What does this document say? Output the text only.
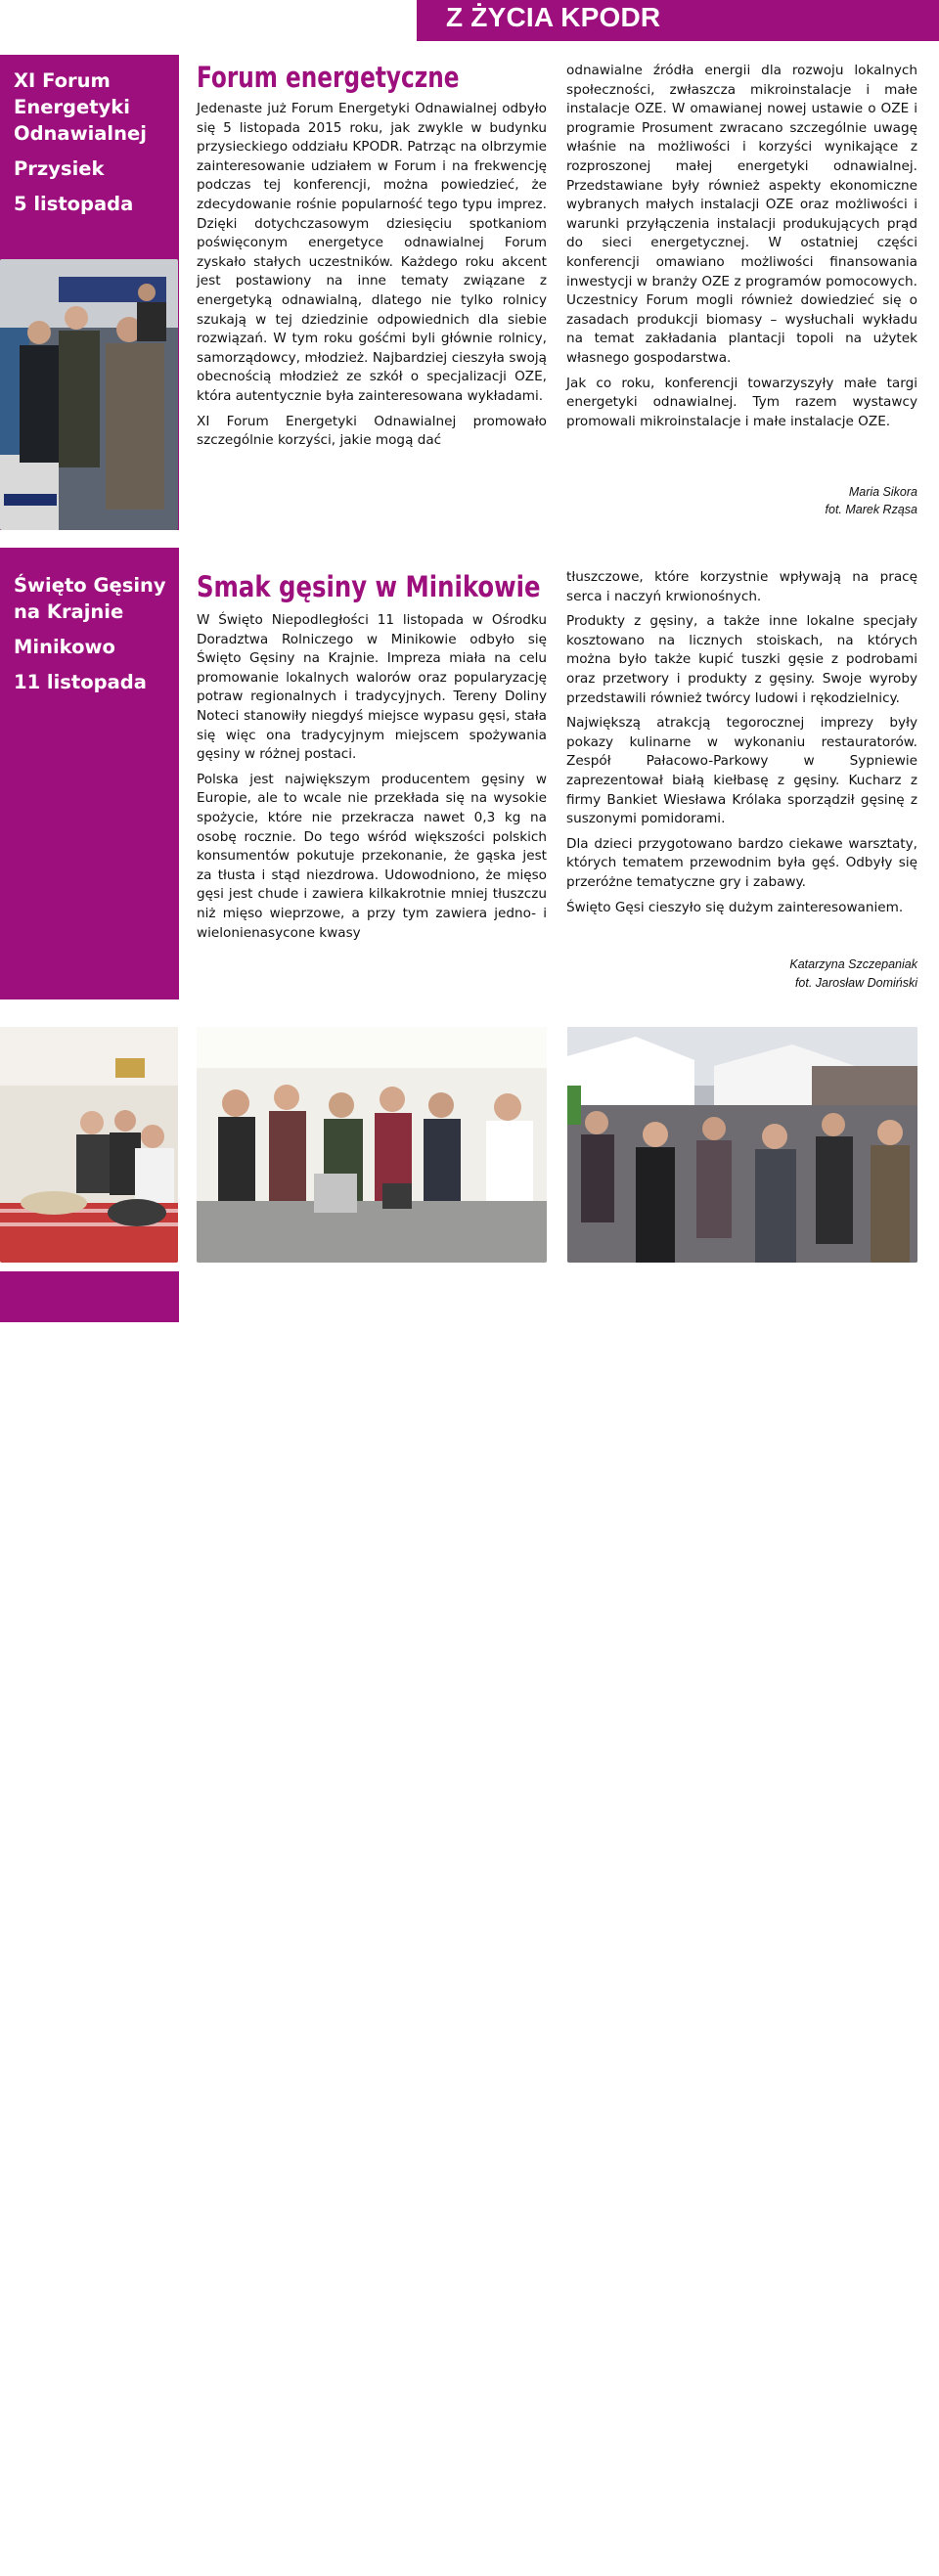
Z ŻYCIA KPODR
XI Forum
Energetyki
Odnawialnej
Przysiek
5 listopada
Święto Gęsiny
na Krajnie
Minikowo
11 listopada
7
Forum energetyczne

Jedenaste już Forum Energetyki Odnawialnej odbyło się 5 listopada 2015 roku, jak zwykle w budynku przysieckiego oddziału KPODR. Patrząc na olbrzymie zainteresowanie udziałem w Forum i na frekwencję podczas tej konferencji, można powiedzieć, że zdecydowanie rośnie popularność tego typu imprez. Dzięki dotychczasowym dziesięciu spotkaniom poświęconym energetyce odnawialnej Forum zyskało stałych uczestników. Każdego roku akcent jest postawiony na inne tematy związane z energetyką odnawialną, dlatego nie tylko rolnicy szukają w tej dziedzinie odpowiednich dla siebie rozwiązań. W tym roku gośćmi byli głównie rolnicy, samorządowcy, młodzież. Najbardziej cieszyła swoją obecnością młodzież ze szkół o specjalizacji OZE, która autentycznie była zainteresowana wykładami.

XI Forum Energetyki Odnawialnej promowało szczególnie korzyści, jakie mogą dać

odnawialne źródła energii dla rozwoju lokalnych społeczności, zwłaszcza mikroinstalacje i małe instalacje OZE. W omawianej nowej ustawie o OZE i programie Prosument zwracano szczególnie uwagę właśnie na możliwości i korzyści wynikające z rozproszonej małej energetyki odnawialnej. Przedstawiane były również aspekty ekonomiczne wybranych małych instalacji OZE oraz możliwości i warunki przyłączenia instalacji produkujących prąd do sieci energetycznej. W ostatniej części konferencji omawiano możliwości finansowania inwestycji w branży OZE z programów pomocowych. Uczestnicy Forum mogli również dowiedzieć się o zasadach produkcji biomasy – wysłuchali wykładu na temat zakładania plantacji topoli na użytek własnego gospodarstwa.

Jak co roku, konferencji towarzyszyły małe targi energetyki odnawialnej. Tym razem wystawcy promowali mikroinstalacje i małe instalacje OZE.

Maria Sikora
fot. Marek Rząsa
Smak gęsiny w Minikowie

W Święto Niepodległości 11 listopada w Ośrodku Doradztwa Rolniczego w Minikowie odbyło się Święto Gęsiny na Krajnie. Impreza miała na celu promowanie lokalnych walorów oraz popularyzację potraw regionalnych i tradycyjnych. Tereny Doliny Noteci stanowiły niegdyś miejsce wypasu gęsi, stała się więc ona tradycyjnym miejscem spożywania gęsiny w różnej postaci.

Polska jest największym producentem gęsiny w Europie, ale to wcale nie przekłada się na wysokie spożycie, które nie przekracza nawet 0,3 kg na osobę rocznie. Do tego wśród większości polskich konsumentów pokutuje przekonanie, że gąska jest za tłusta i stąd niezdrowa. Udowodniono, że mięso gęsi jest chude i zawiera kilkakrotnie mniej tłuszczu niż mięso wieprzowe, a przy tym zawiera jedno- i wielonienasycone kwasy

tłuszczowe, które korzystnie wpływają na pracę serca i naczyń krwionośnych.

Produkty z gęsiny, a także inne lokalne specjały kosztowano na licznych stoiskach, na których można było także kupić tuszki gęsie z podrobami oraz przetwory i produkty z gęsiny. Swoje wyroby przedstawili również twórcy ludowi i rękodzielnicy.

Największą atrakcją tegorocznej imprezy były pokazy kulinarne w wykonaniu restauratorów. Zespół Pałacowo-Parkowy w Sypniewie zaprezentował białą kiełbasę z gęsiny. Kucharz z firmy Bankiet Wiesława Królaka sporządził gęsinę z suszonymi pomidorami.

Dla dzieci przygotowano bardzo ciekawe warsztaty, których tematem przewodnim była gęś. Odbyły się przeróżne tematyczne gry i zabawy.

Święto Gęsi cieszyło się dużym zainteresowaniem.

Katarzyna Szczepaniak
fot. Jarosław Domiński
